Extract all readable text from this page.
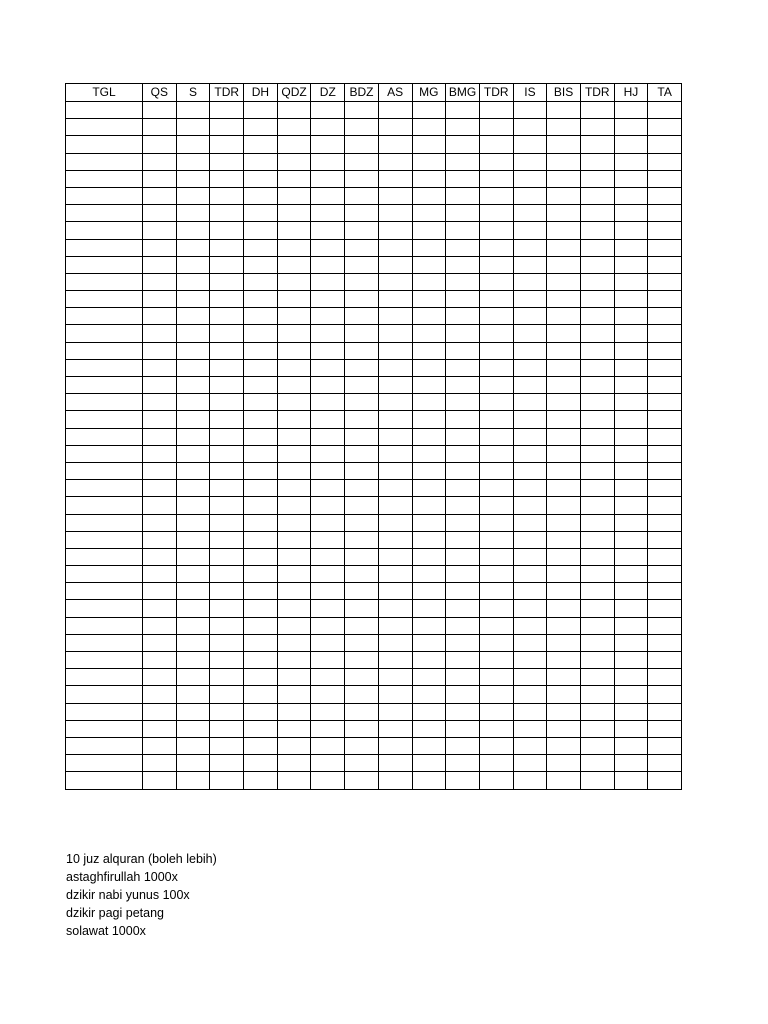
TGL	QS	S	TDR	DH	QDZ	DZ	BDZ	AS	MG	BMG	TDR	IS	BIS	TDR	HJ	TA

10 juz alquran (boleh lebih)
astaghfirullah 1000x
dzikir nabi yunus 100x
dzikir pagi petang
solawat 1000x
